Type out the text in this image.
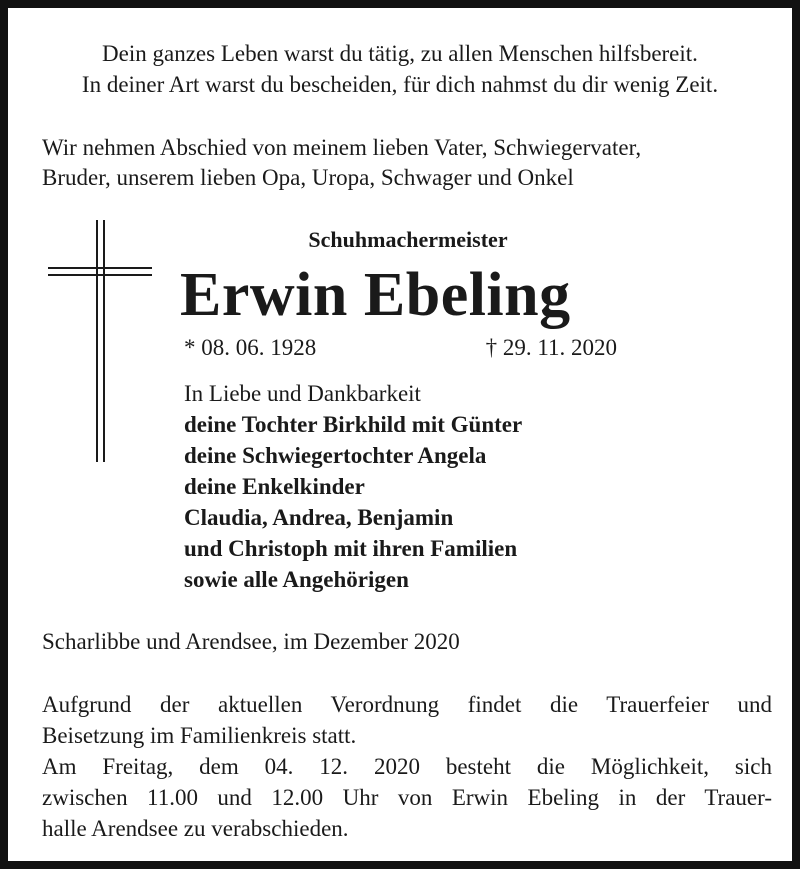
Dein ganzes Leben warst du tätig, zu allen Menschen hilfsbereit.
In deiner Art warst du bescheiden, für dich nahmst du dir wenig Zeit.
Wir nehmen Abschied von meinem lieben Vater, Schwiegervater,
Bruder, unserem lieben Opa, Uropa, Schwager und Onkel
Schuhmachermeister
Erwin Ebeling
* 08. 06. 1928	† 29. 11. 2020
In Liebe und Dankbarkeit
deine Tochter Birkhild mit Günter
deine Schwiegertochter Angela
deine Enkelkinder
Claudia, Andrea, Benjamin
und Christoph mit ihren Familien
sowie alle Angehörigen
Scharlibbe und Arendsee, im Dezember 2020
Aufgrund der aktuellen Verordnung findet die Trauerfeier und
Beisetzung im Familienkreis statt.
Am Freitag, dem 04. 12. 2020 besteht die Möglichkeit, sich
zwischen 11.00 und 12.00 Uhr von Erwin Ebeling in der Trauer-
halle Arendsee zu verabschieden.
